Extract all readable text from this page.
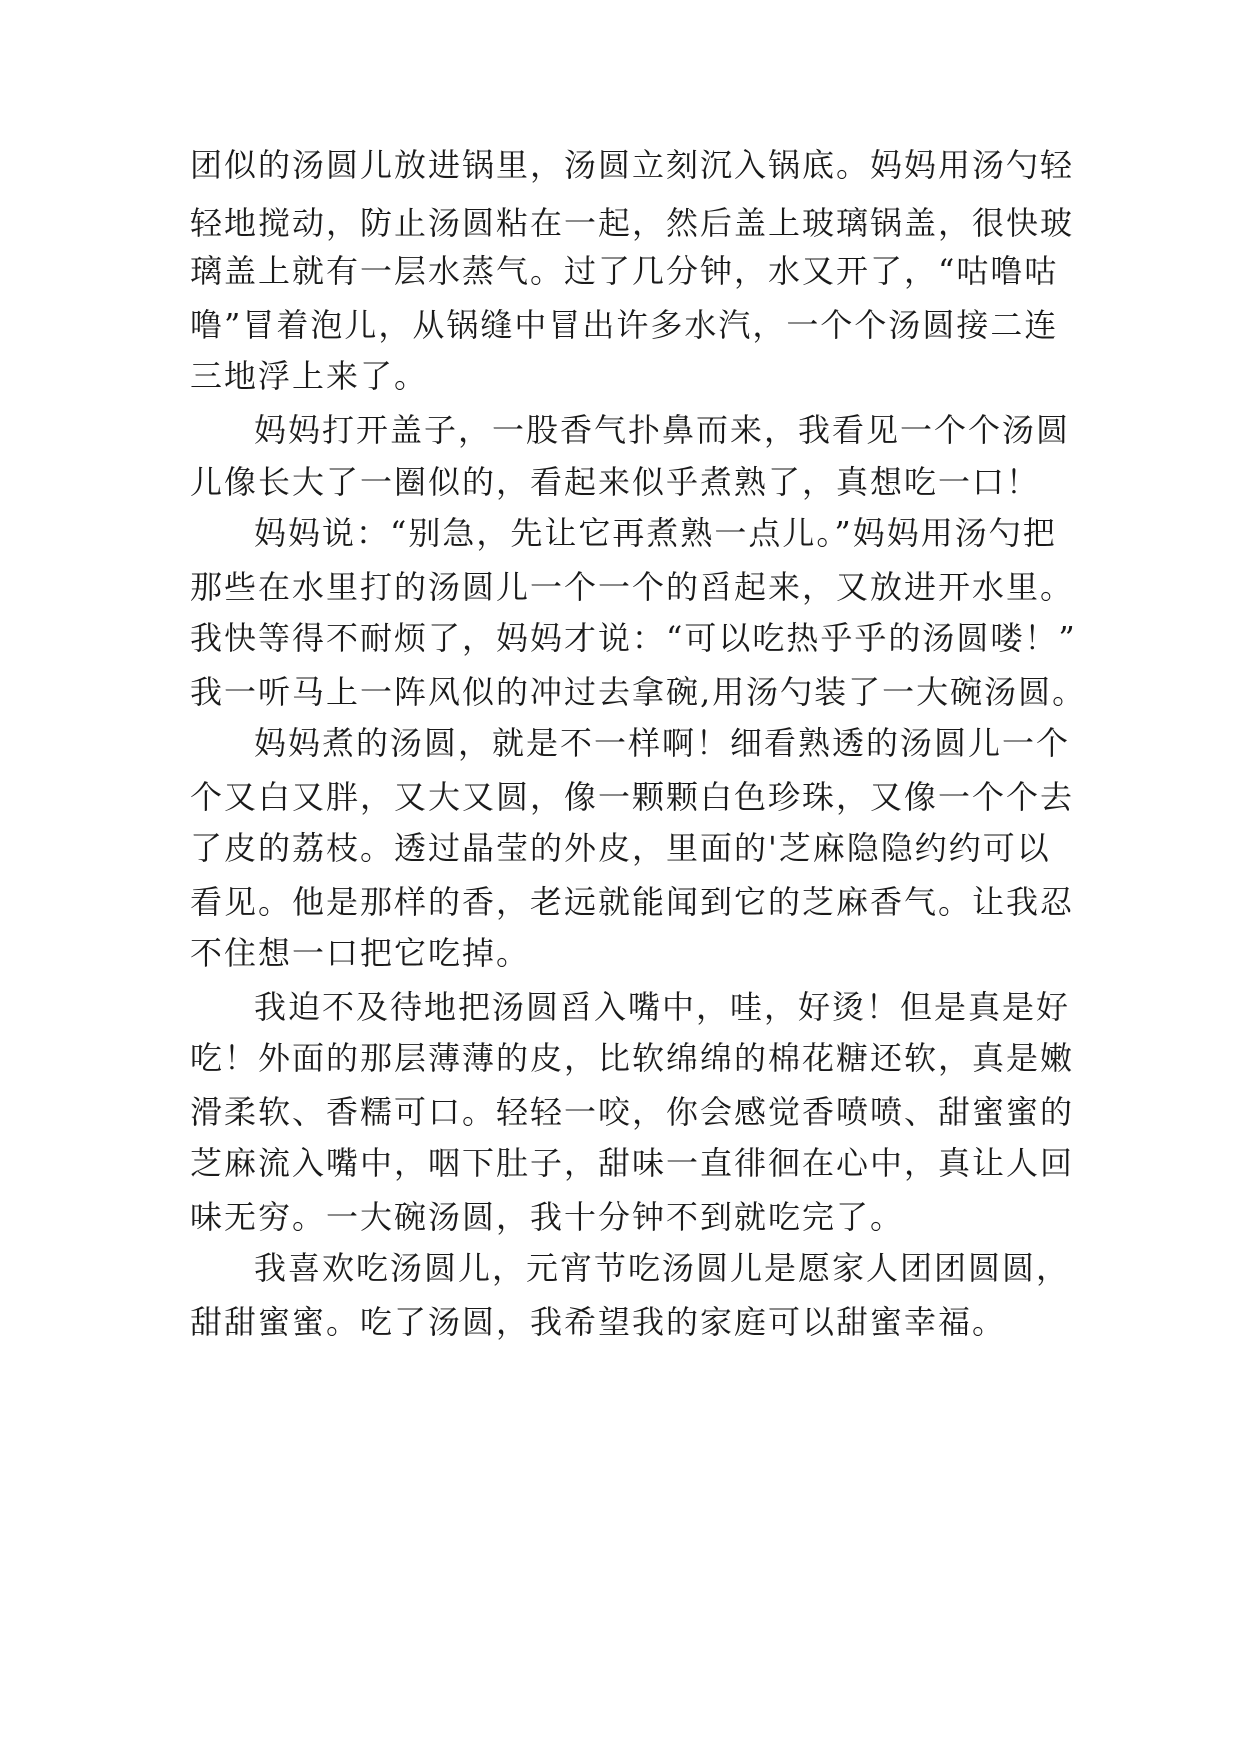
团似的汤圆儿放进锅里，汤圆立刻沉入锅底。妈妈用汤勺轻
轻地搅动，防止汤圆粘在一起，然后盖上玻璃锅盖，很快玻
璃盖上就有一层水蒸气。过了几分钟，水又开了，“咕噜咕
噜”冒着泡儿，从锅缝中冒出许多水汽，一个个汤圆接二连
三地浮上来了。
妈妈打开盖子，一股香气扑鼻而来，我看见一个个汤圆
儿像长大了一圈似的，看起来似乎煮熟了，真想吃一口！
妈妈说：“别急，先让它再煮熟一点儿。”妈妈用汤勺把
那些在水里打的汤圆儿一个一个的舀起来，又放进开水里。
我快等得不耐烦了，妈妈才说：“可以吃热乎乎的汤圆喽！”
我一听马上一阵风似的冲过去拿碗,用汤勺装了一大碗汤圆。
妈妈煮的汤圆，就是不一样啊！细看熟透的汤圆儿一个
个又白又胖，又大又圆，像一颗颗白色珍珠，又像一个个去
了皮的荔枝。透过晶莹的外皮，里面的'芝麻隐隐约约可以
看见。他是那样的香，老远就能闻到它的芝麻香气。让我忍
不住想一口把它吃掉。
我迫不及待地把汤圆舀入嘴中，哇，好烫！但是真是好
吃！外面的那层薄薄的皮，比软绵绵的棉花糖还软，真是嫩
滑柔软、香糯可口。轻轻一咬，你会感觉香喷喷、甜蜜蜜的
芝麻流入嘴中，咽下肚子，甜味一直徘徊在心中，真让人回
味无穷。一大碗汤圆，我十分钟不到就吃完了。
我喜欢吃汤圆儿，元宵节吃汤圆儿是愿家人团团圆圆，
甜甜蜜蜜。吃了汤圆，我希望我的家庭可以甜蜜幸福。
